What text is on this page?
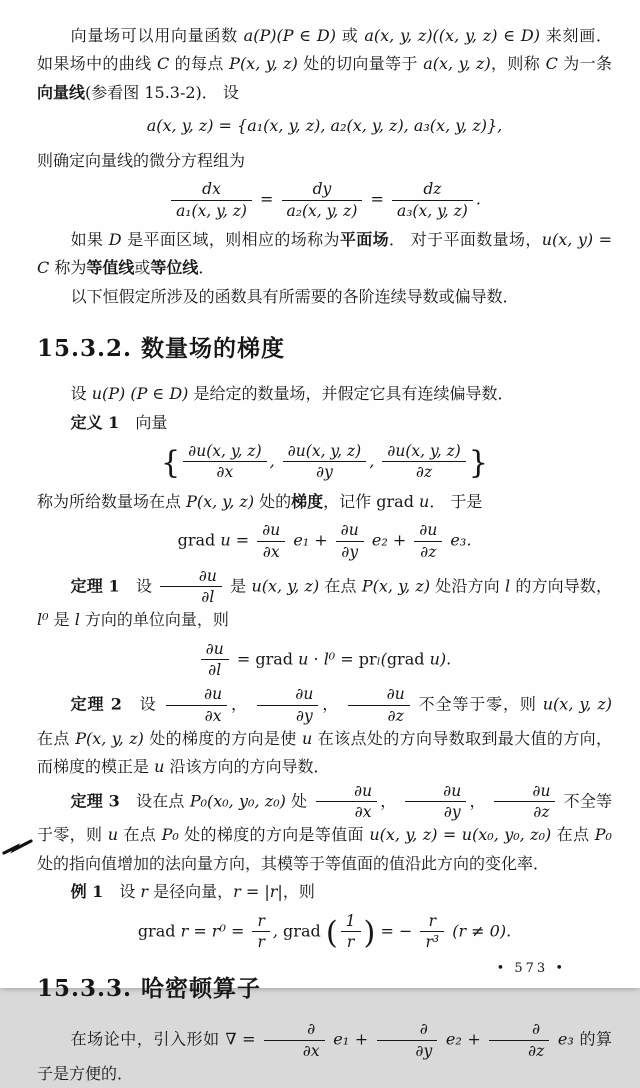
向量场可以用向量函数 a(P)(P ∈ D) 或 a(x, y, z)((x, y, z) ∈ D) 来刻画． 如果场中的曲线 C 的每点 P(x, y, z) 处的切向量等于 a(x, y, z)，则称 C 为一条向量线(参看图 15.3-2)． 设
a(x, y, z) = {a₁(x, y, z), a₂(x, y, z), a₃(x, y, z)},
则确定向量线的微分方程组为
$\frac{dx}{\text{a₁(x, y, z)}} = \frac{dy}{\text{a₂(x, y, z)}} = \frac{dz}{\text{a₃(x, y, z)}}$ .
如果 D 是平面区域，则相应的场称为平面场． 对于平面数量场，u(x, y) = C 称为等值线或等位线．
以下恒假定所涉及的函数具有所需要的各阶连续导数或偏导数．
15.3.2. 数量场的梯度
设 u(P) (P ∈ D) 是给定的数量场，并假定它具有连续偏导数．
定义 1　向量
{ $\frac{\partial u(x, y, z)}{\partial x}$ , $\frac{\partial u(x, y, z)}{\partial y}$ , $\frac{\partial u(x, y, z)}{\partial z}$ }
称为所给数量场在点 P(x, y, z) 处的梯度，记作 grad u． 于是
grad $u = \frac{\partial u}{\partial x} e_1 + \frac{\partial u}{\partial y} e_2 + \frac{\partial u}{\partial z} e_3$.
定理 1　设 $\frac{\partial u}{\partial l}$ 是 u(x, y, z) 在点 P(x, y, z) 处沿方向 l 的方向导数，l⁰ 是 l 方向的单位向量，则
$\frac{\partial u}{\partial l}$ = grad u · l⁰ = prₗ(grad u).
定理 2　设 $\frac{\partial u}{\partial x}$ ， $\frac{\partial u}{\partial y}$ ， $\frac{\partial u}{\partial z}$ 不全等于零，则 u(x, y, z) 在点 P(x, y, z) 处的梯度的方向是使 u 在该点处的方向导数取到最大值的方向，而梯度的模正是 u 沿该方向的方向导数．
定理 3　设在点 P₀(x₀, y₀, z₀) 处 $\frac{\partial u}{\partial x}$ ， $\frac{\partial u}{\partial y}$ ， $\frac{\partial u}{\partial z}$ 不全等于零，则 u 在点 P₀ 处的梯度的方向是等值面 u(x, y, z) = u(x₀, y₀, z₀) 在点 P₀ 处的指向值增加的法向量方向，其模等于等值面的值沿此方向的变化率．
例 1　设 r 是径向量，r = |r|，则
grad $r = r^0 = \frac{r}{r}$ , grad ( $\frac{1}{r}$ ) = − $\frac{r}{\text{r³}} (r \ne 0)$.
15.3.3. 哈密顿算子
在场论中，引入形如 ∇ = $\frac{\partial}{\partial x} e_1 + \frac{\partial}{\partial y} e_2 + \frac{\partial}{\partial z} e_3$ 的算子是方便的．
• 573 •
